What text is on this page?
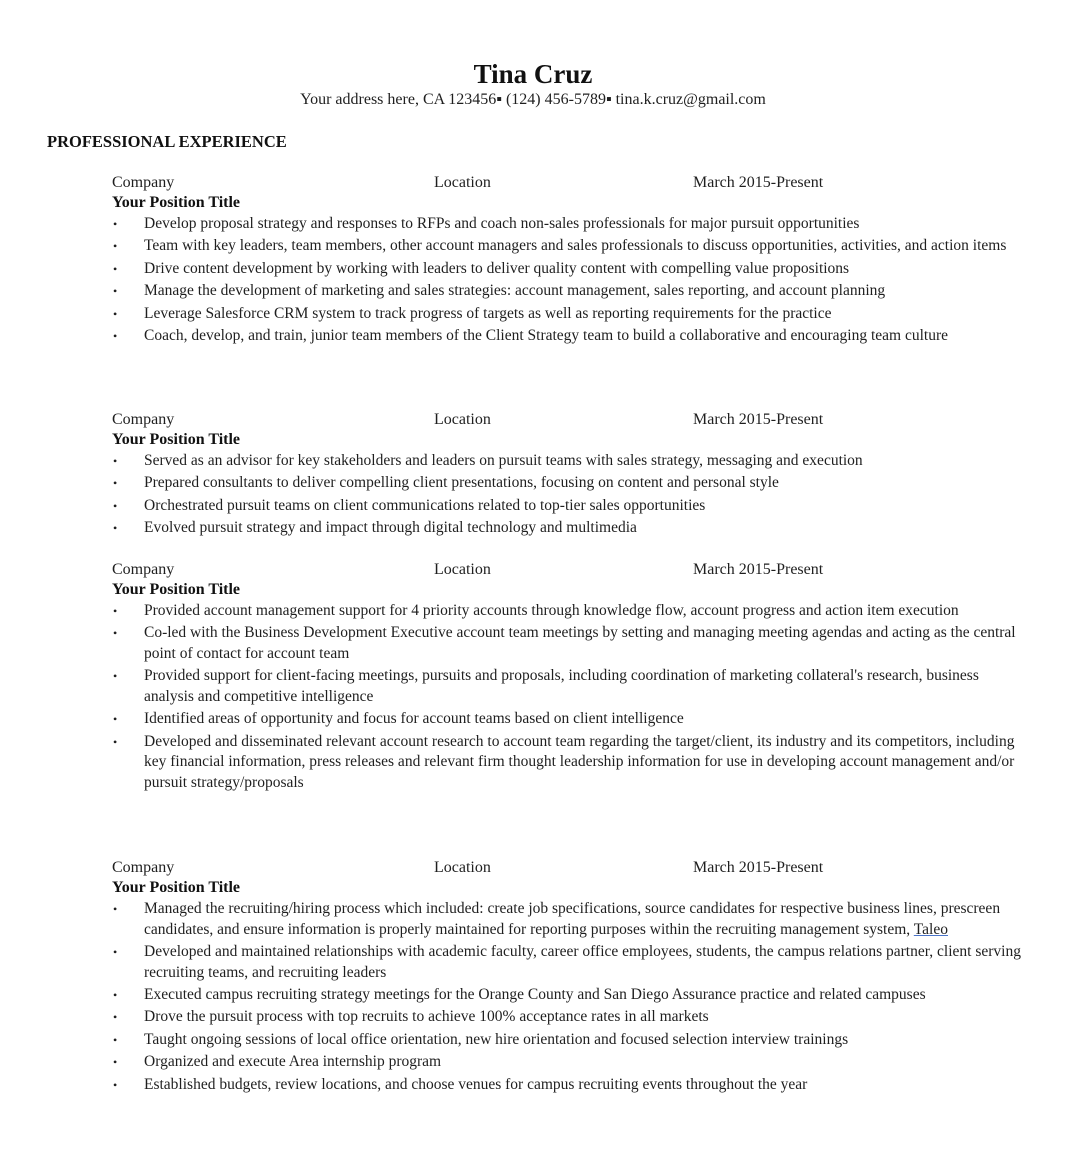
Tina Cruz
Your address here, CA 123456▪ (124) 456-5789▪ tina.k.cruz@gmail.com
PROFESSIONAL EXPERIENCE
Company	Location	March 2015-Present
Your Position Title
• Develop proposal strategy and responses to RFPs and coach non-sales professionals for major pursuit opportunities
• Team with key leaders, team members, other account managers and sales professionals to discuss opportunities, activities, and action items
• Drive content development by working with leaders to deliver quality content with compelling value propositions
• Manage the development of marketing and sales strategies: account management, sales reporting, and account planning
• Leverage Salesforce CRM system to track progress of targets as well as reporting requirements for the practice
• Coach, develop, and train, junior team members of the Client Strategy team to build a collaborative and encouraging team culture
Company	Location	March 2015-Present
Your Position Title
• Served as an advisor for key stakeholders and leaders on pursuit teams with sales strategy, messaging and execution
• Prepared consultants to deliver compelling client presentations, focusing on content and personal style
• Orchestrated pursuit teams on client communications related to top-tier sales opportunities
• Evolved pursuit strategy and impact through digital technology and multimedia
Company	Location	March 2015-Present
Your Position Title
• Provided account management support for 4 priority accounts through knowledge flow, account progress and action item execution
• Co-led with the Business Development Executive account team meetings by setting and managing meeting agendas and acting as the central point of contact for account team
• Provided support for client-facing meetings, pursuits and proposals, including coordination of marketing collateral's research, business analysis and competitive intelligence
• Identified areas of opportunity and focus for account teams based on client intelligence
• Developed and disseminated relevant account research to account team regarding the target/client, its industry and its competitors, including key financial information, press releases and relevant firm thought leadership information for use in developing account management and/or pursuit strategy/proposals
Company	Location	March 2015-Present
Your Position Title
• Managed the recruiting/hiring process which included: create job specifications, source candidates for respective business lines, prescreen candidates, and ensure information is properly maintained for reporting purposes within the recruiting management system, Taleo
• Developed and maintained relationships with academic faculty, career office employees, students, the campus relations partner, client serving recruiting teams, and recruiting leaders
• Executed campus recruiting strategy meetings for the Orange County and San Diego Assurance practice and related campuses
• Drove the pursuit process with top recruits to achieve 100% acceptance rates in all markets
• Taught ongoing sessions of local office orientation, new hire orientation and focused selection interview trainings
• Organized and execute Area internship program
• Established budgets, review locations, and choose venues for campus recruiting events throughout the year
